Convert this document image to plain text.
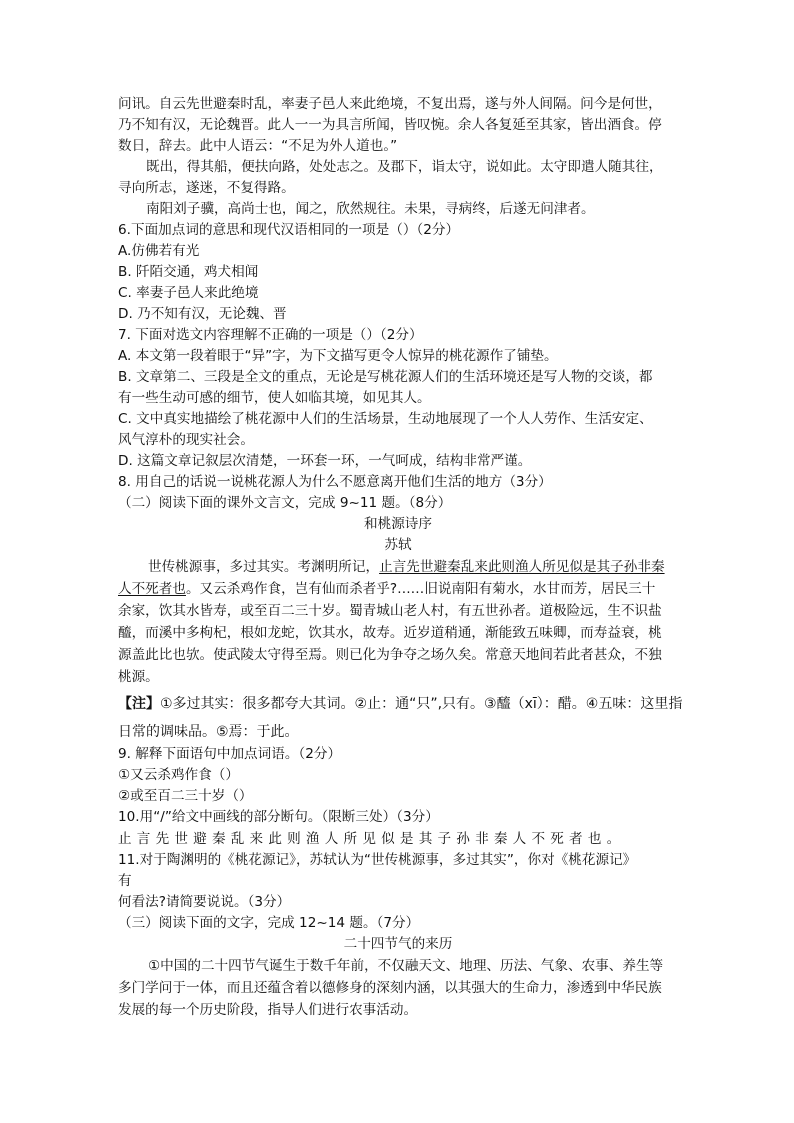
问讯。自云先世避秦时乱，率妻子邑人来此绝境，不复出焉，遂与外人间隔。问今是何世，
乃不知有汉，无论魏晋。此人一一为具言所闻，皆叹惋。余人各复延至其家，皆出酒食。停
数日，辞去。此中人语云：“不足为外人道也。”
既出，得其船，便扶向路，处处志之。及郡下，诣太守，说如此。太守即遣人随其往，
寻向所志，遂迷，不复得路。
南阳刘子骥，高尚士也，闻之，欣然规往。未果，寻病终，后遂无问津者。
6.下面加点词的意思和现代汉语相同的一项是（）（2分）
A.仿佛若有光
B. 阡陌交通，鸡犬相闻
C. 率妻子邑人来此绝境
D. 乃不知有汉，无论魏、晋
7. 下面对选文内容理解不正确的一项是（）（2分）
A. 本文第一段着眼于“异”字，为下文描写更令人惊异的桃花源作了铺垫。
B. 文章第二、三段是全文的重点，无论是写桃花源人们的生活环境还是写人物的交谈，都
有一些生动可感的细节，使人如临其境，如见其人。
C. 文中真实地描绘了桃花源中人们的生活场景，生动地展现了一个人人劳作、生活安定、
风气淳朴的现实社会。
D. 这篇文章记叙层次清楚，一环套一环，一气呵成，结构非常严谨。
8. 用自己的话说一说桃花源人为什么不愿意离开他们生活的地方（3分）
（二）阅读下面的课外文言文，完成 9~11 题。（8分）
和桃源诗序
苏轼
世传桃源事，多过其实。考渊明所记，止言先世避秦乱来此则渔人所见似是其子孙非秦
人不死者也。又云杀鸡作食，岂有仙而杀者乎?……旧说南阳有菊水，水甘而芳，居民三十
余家，饮其水皆寿，或至百二三十岁。蜀青城山老人村，有五世孙者。道极险远，生不识盐
醯，而溪中多枸杞，根如龙蛇，饮其水，故寿。近岁道稍通，渐能致五味卿，而寿益衰，桃
源盖此比也欤。使武陵太守得至焉。则已化为争夺之场久矣。常意天地间若此者甚众，不独
桃源。
【注】①多过其实：很多都夸大其词。②止：通“只”,只有。③醯（xī）：醋。④五味：这里指
日常的调味品。⑤焉：于此。
9. 解释下面语句中加点词语。（2分）
①又云杀鸡作食（）
②或至百二三十岁（）
10.用“/”给文中画线的部分断句。（限断三处）（3分）
止言先世避秦乱来此则渔人所见似是其子孙非秦人不死者也。
11.对于陶渊明的《桃花源记》，苏轼认为“世传桃源事，多过其实”，你对《桃花源记》
有
何看法?请简要说说。（3分）
（三）阅读下面的文字，完成 12~14 题。（7分）
二十四节气的来历
①中国的二十四节气诞生于数千年前，不仅融天文、地理、历法、气象、农事、养生等
多门学问于一体，而且还蕴含着以德修身的深刻内涵，以其强大的生命力，渗透到中华民族
发展的每一个历史阶段，指导人们进行农事活动。
